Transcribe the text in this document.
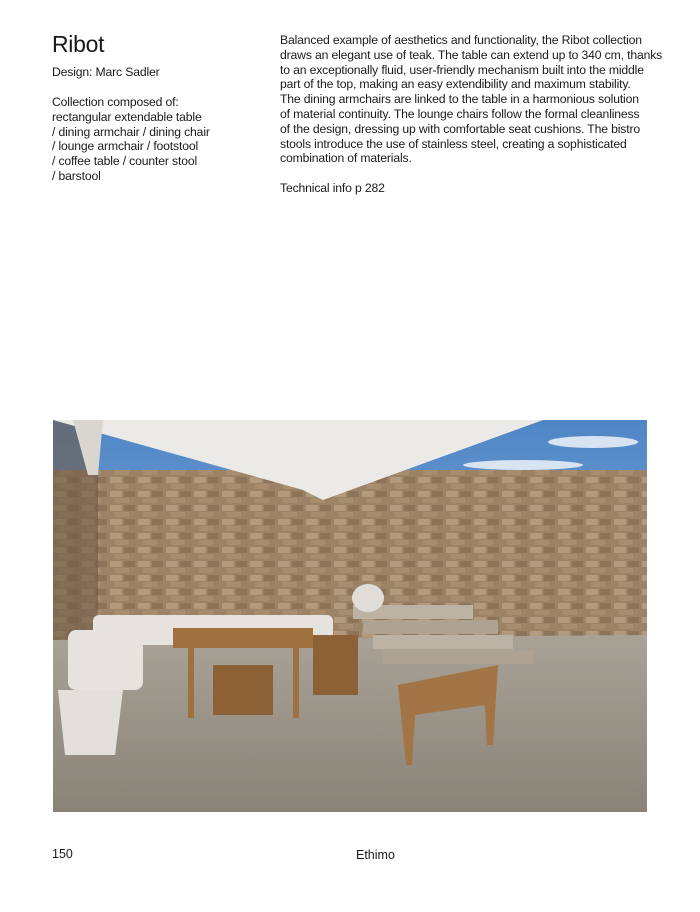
Ribot
Design: Marc Sadler
Collection composed of:
rectangular extendable table
/ dining armchair / dining chair
/ lounge armchair / footstool
/ coffee table / counter stool
/ barstool
Balanced example of aesthetics and functionality, the Ribot collection
draws an elegant use of teak. The table can extend up to 340 cm, thanks
to an exceptionally fluid, user-friendly mechanism built into the middle
part of the top, making an easy extendibility and maximum stability.
The dining armchairs are linked to the table in a harmonious solution
of material continuity. The lounge chairs follow the formal cleanliness
of the design, dressing up with comfortable seat cushions. The bistro
stools introduce the use of stainless steel, creating a sophisticated
combination of materials.
Technical info p 282
150	Ethimo
